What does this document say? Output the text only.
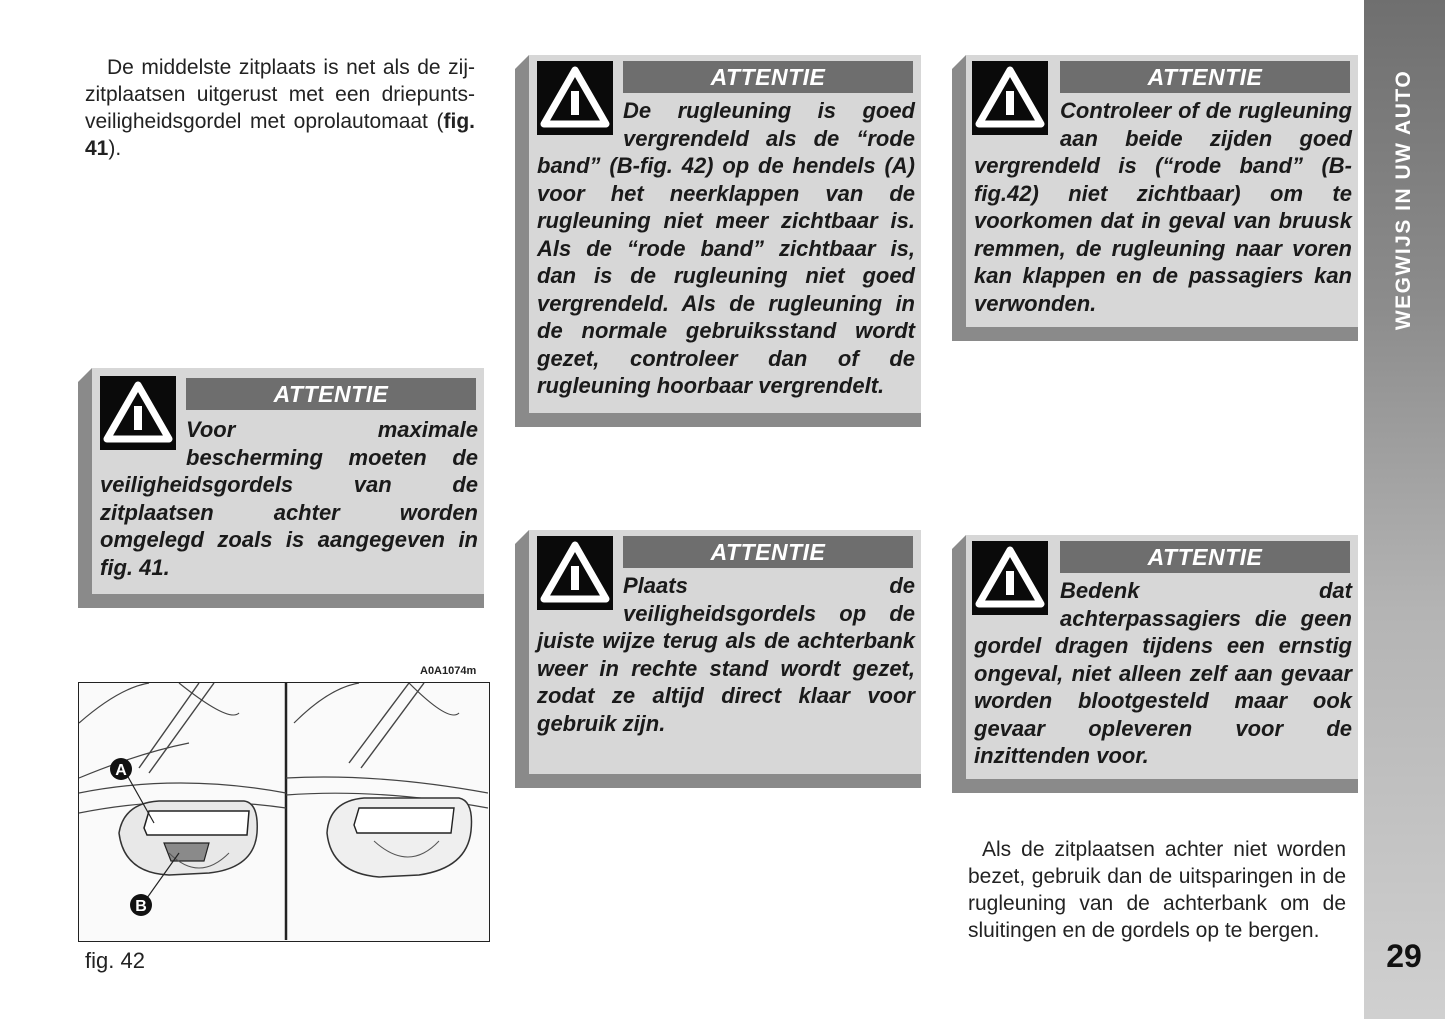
De middelste zitplaats is net als de zij-zitplaatsen uitgerust met een driepunts-veiligheidsgordel met oprolautomaat (fig. 41).

ATTENTIE

Voor maximale bescherming moeten de veiligheidsgordels van de zitplaatsen achter worden omgelegd zoals is aangegeven in fig. 41.

ATTENTIE

De rugleuning is goed vergrendeld als de “rode band” (B-fig. 42) op de hendels (A) voor het neerklappen van de rugleuning niet meer zichtbaar is. Als de “rode band” zichtbaar is, dan is de rugleuning niet goed vergrendeld. Als de rugleuning in de normale gebruiksstand wordt gezet, controleer dan of de rugleuning hoorbaar vergrendelt.

ATTENTIE

Controleer of de rugleuning aan beide zijden goed vergrendeld is (“rode band” (B-fig.42) niet zichtbaar) om te voorkomen dat in geval van bruusk remmen, de rugleuning naar voren kan klappen en de passagiers kan verwonden.

ATTENTIE

Plaats de veiligheidsgordels op de juiste wijze terug als de achterbank weer in rechte stand wordt gezet, zodat ze altijd direct klaar voor gebruik zijn.

ATTENTIE

Bedenk dat achterpassagiers die geen gordel dragen tijdens een ernstig ongeval, niet alleen zelf aan gevaar worden blootgesteld maar ook gevaar opleveren voor de inzittenden voor.

Als de zitplaatsen achter niet worden bezet, gebruik dan de uitsparingen in de rugleuning van de achterbank om de sluitingen en de gordels op te bergen.

A0A1074m
A
B
fig. 42
WEGWIJS IN UW AUTO
29
